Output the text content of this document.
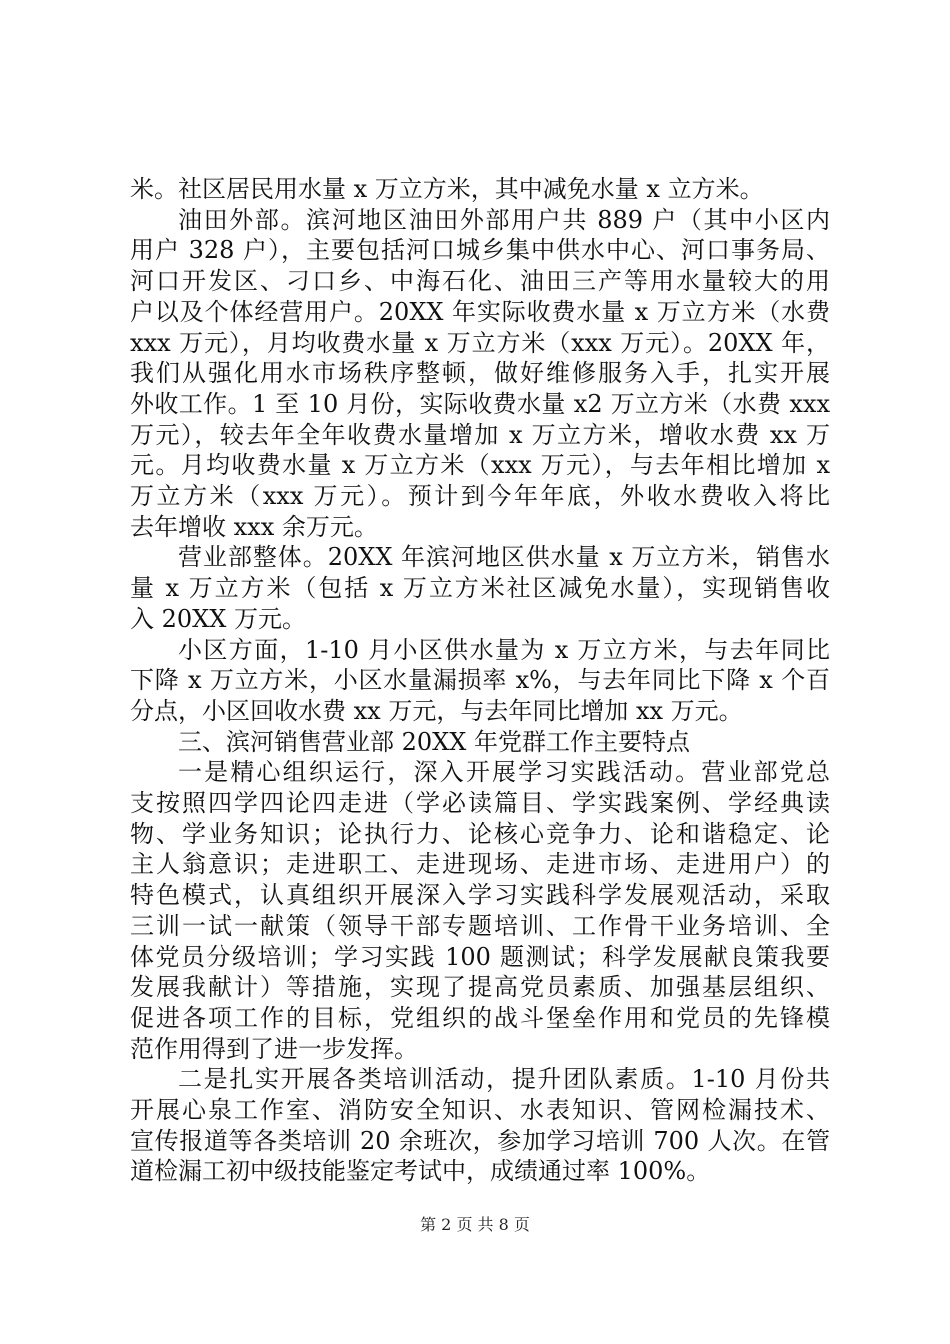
米。社区居民用水量 x 万立方米，其中减免水量 x 立方米。
油田外部。滨河地区油田外部用户共 889 户（其中小区内
用户 328 户），主要包括河口城乡集中供水中心、河口事务局、
河口开发区、刁口乡、中海石化、油田三产等用水量较大的用
户以及个体经营用户。20XX 年实际收费水量 x 万立方米（水费
xxx 万元），月均收费水量 x 万立方米（xxx 万元）。20XX 年，
我们从强化用水市场秩序整顿，做好维修服务入手，扎实开展
外收工作。1 至 10 月份，实际收费水量 x2 万立方米（水费 xxx
万元），较去年全年收费水量增加 x 万立方米，增收水费 xx 万
元。月均收费水量 x 万立方米（xxx 万元），与去年相比增加 x
万立方米（xxx 万元）。预计到今年年底，外收水费收入将比
去年增收 xxx 余万元。
营业部整体。20XX 年滨河地区供水量 x 万立方米，销售水
量 x 万立方米（包括 x 万立方米社区减免水量），实现销售收
入 20XX 万元。
小区方面，1-10 月小区供水量为 x 万立方米，与去年同比
下降 x 万立方米，小区水量漏损率 x%，与去年同比下降 x 个百
分点，小区回收水费 xx 万元，与去年同比增加 xx 万元。
三、滨河销售营业部 20XX 年党群工作主要特点
一是精心组织运行，深入开展学习实践活动。营业部党总
支按照四学四论四走进（学必读篇目、学实践案例、学经典读
物、学业务知识；论执行力、论核心竞争力、论和谐稳定、论
主人翁意识；走进职工、走进现场、走进市场、走进用户）的
特色模式，认真组织开展深入学习实践科学发展观活动，采取
三训一试一献策（领导干部专题培训、工作骨干业务培训、全
体党员分级培训；学习实践 100 题测试；科学发展献良策我要
发展我献计）等措施，实现了提高党员素质、加强基层组织、
促进各项工作的目标，党组织的战斗堡垒作用和党员的先锋模
范作用得到了进一步发挥。
二是扎实开展各类培训活动，提升团队素质。1-10 月份共
开展心泉工作室、消防安全知识、水表知识、管网检漏技术、
宣传报道等各类培训 20 余班次，参加学习培训 700 人次。在管
道检漏工初中级技能鉴定考试中，成绩通过率 100%。
第 2 页 共 8 页
